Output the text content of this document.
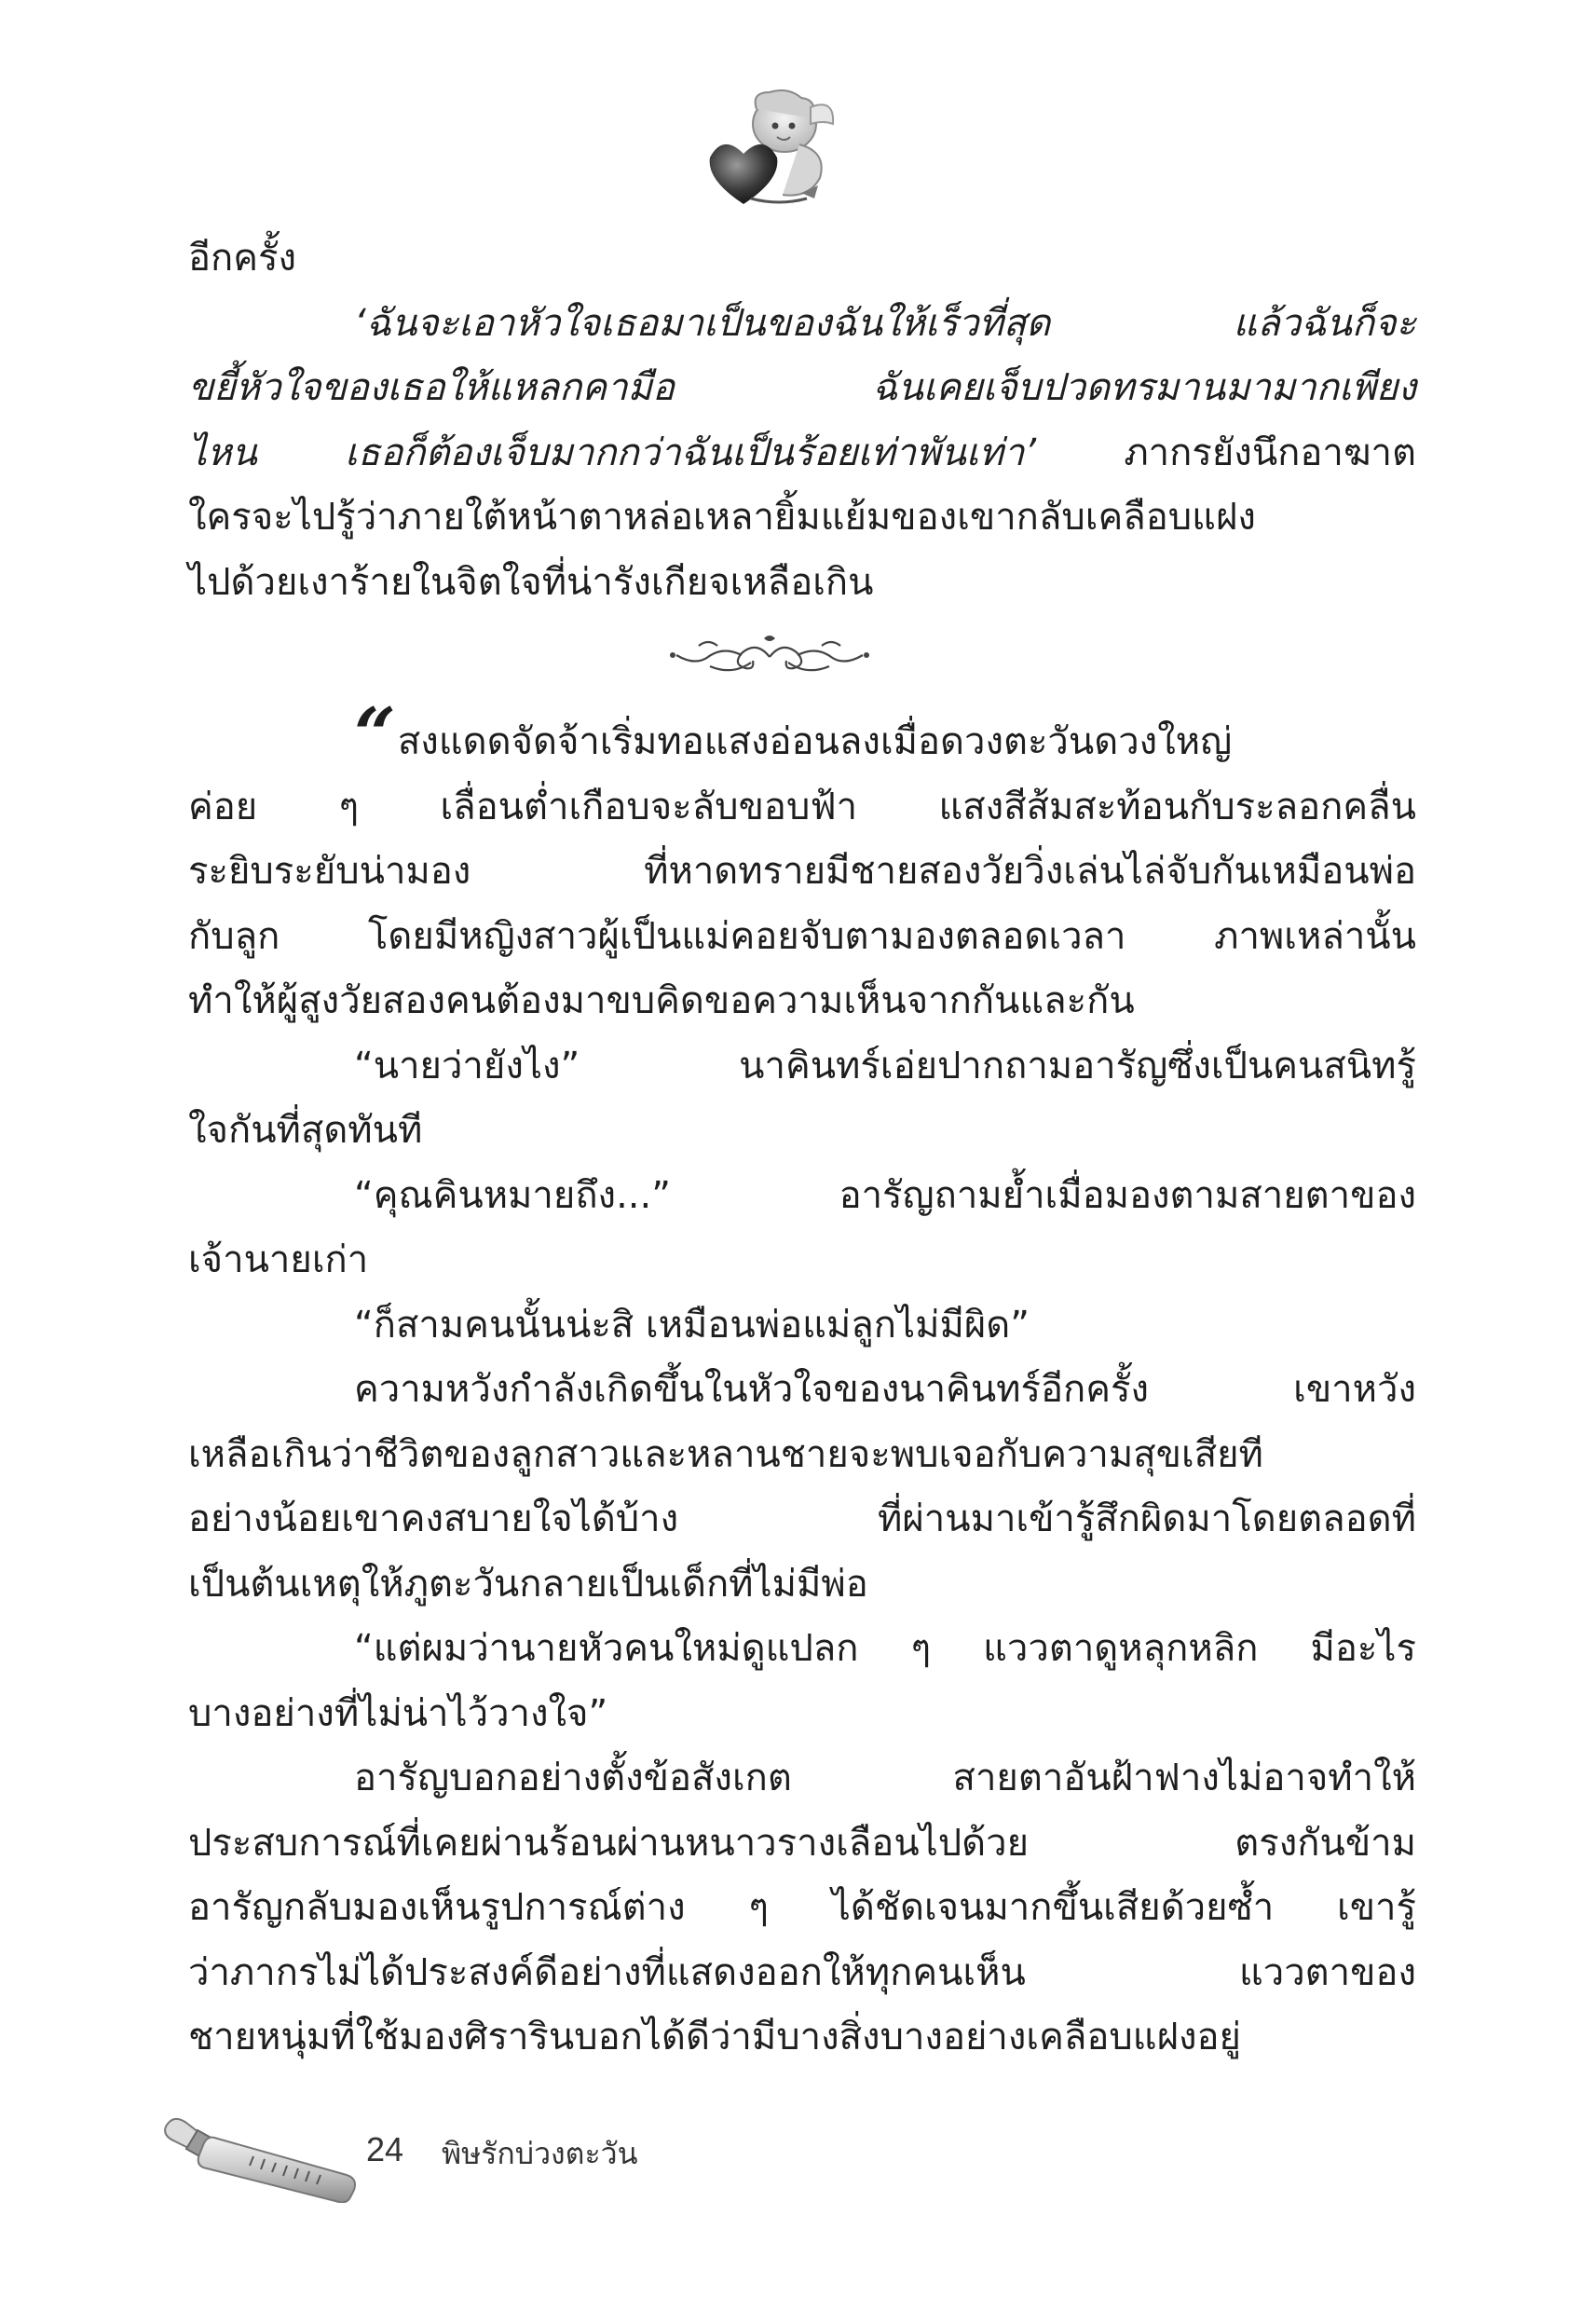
อีกครั้ง
‘ฉันจะเอาหัวใจเธอมาเป็นของฉันให้เร็วที่สุด แล้วฉันก็จะ
ขยี้หัวใจของเธอให้แหลกคามือ ฉันเคยเจ็บปวดทรมานมามากเพียง
ไหน เธอก็ต้องเจ็บมากกว่าฉันเป็นร้อยเท่าพันเท่า’ ภากรยังนึกอาฆาต
ใครจะไปรู้ว่าภายใต้หน้าตาหล่อเหลายิ้มแย้มของเขากลับเคลือบแฝง
ไปด้วยเงาร้ายในจิตใจที่น่ารังเกียจเหลือเกิน
“ สงแดดจัดจ้าเริ่มทอแสงอ่อนลงเมื่อดวงตะวันดวงใหญ่
ค่อย ๆ เลื่อนต่ำเกือบจะลับขอบฟ้า แสงสีส้มสะท้อนกับระลอกคลื่น
ระยิบระยับน่ามอง ที่หาดทรายมีชายสองวัยวิ่งเล่นไล่จับกันเหมือนพ่อ
กับลูก โดยมีหญิงสาวผู้เป็นแม่คอยจับตามองตลอดเวลา ภาพเหล่านั้น
ทำให้ผู้สูงวัยสองคนต้องมาขบคิดขอความเห็นจากกันและกัน
“นายว่ายังไง” นาคินทร์เอ่ยปากถามอารัญซึ่งเป็นคนสนิทรู้
ใจกันที่สุดทันที
“คุณคินหมายถึง...” อารัญถามย้ำเมื่อมองตามสายตาของ
เจ้านายเก่า
“ก็สามคนนั้นน่ะสิ เหมือนพ่อแม่ลูกไม่มีผิด”
ความหวังกำลังเกิดขึ้นในหัวใจของนาคินทร์อีกครั้ง เขาหวัง
เหลือเกินว่าชีวิตของลูกสาวและหลานชายจะพบเจอกับความสุขเสียที
อย่างน้อยเขาคงสบายใจได้บ้าง ที่ผ่านมาเข้ารู้สึกผิดมาโดยตลอดที่
เป็นต้นเหตุให้ภูตะวันกลายเป็นเด็กที่ไม่มีพ่อ
“แต่ผมว่านายหัวคนใหม่ดูแปลก ๆ แววตาดูหลุกหลิก มีอะไร
บางอย่างที่ไม่น่าไว้วางใจ”
อารัญบอกอย่างตั้งข้อสังเกต สายตาอันฝ้าฟางไม่อาจทำให้
ประสบการณ์ที่เคยผ่านร้อนผ่านหนาวรางเลือนไปด้วย ตรงกันข้าม
อารัญกลับมองเห็นรูปการณ์ต่าง ๆ ได้ชัดเจนมากขึ้นเสียด้วยซ้ำ เขารู้
ว่าภากรไม่ได้ประสงค์ดีอย่างที่แสดงออกให้ทุกคนเห็น แววตาของ
ชายหนุ่มที่ใช้มองศิรารินบอกได้ดีว่ามีบางสิ่งบางอย่างเคลือบแฝงอยู่
24 พิษรักบ่วงตะวัน
